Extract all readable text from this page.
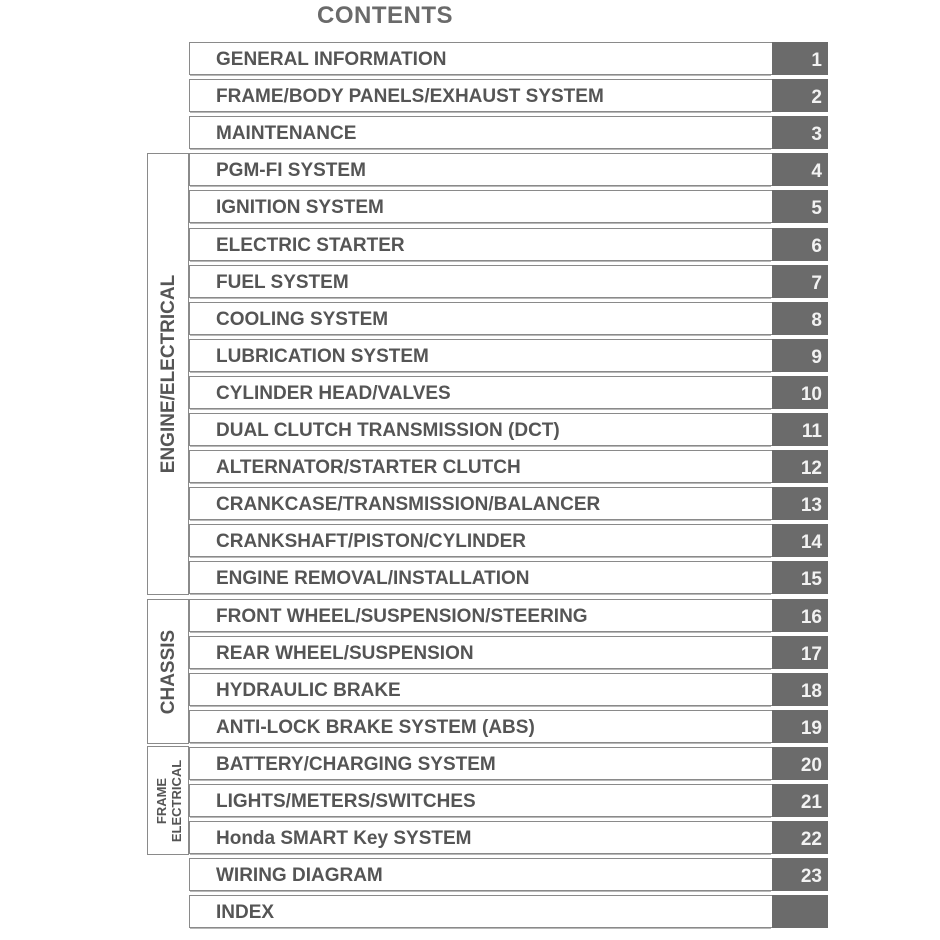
CONTENTS
ENGINE/ELECTRICAL
CHASSIS
FRAME ELECTRICAL
GENERAL INFORMATION	1
FRAME/BODY PANELS/EXHAUST SYSTEM	2
MAINTENANCE	3
PGM-FI SYSTEM	4
IGNITION SYSTEM	5
ELECTRIC STARTER	6
FUEL SYSTEM	7
COOLING SYSTEM	8
LUBRICATION SYSTEM	9
CYLINDER HEAD/VALVES	10
DUAL CLUTCH TRANSMISSION (DCT)	11
ALTERNATOR/STARTER CLUTCH	12
CRANKCASE/TRANSMISSION/BALANCER	13
CRANKSHAFT/PISTON/CYLINDER	14
ENGINE REMOVAL/INSTALLATION	15
FRONT WHEEL/SUSPENSION/STEERING	16
REAR WHEEL/SUSPENSION	17
HYDRAULIC BRAKE	18
ANTI-LOCK BRAKE SYSTEM (ABS)	19
BATTERY/CHARGING SYSTEM	20
LIGHTS/METERS/SWITCHES	21
Honda SMART Key SYSTEM	22
WIRING DIAGRAM	23
INDEX
